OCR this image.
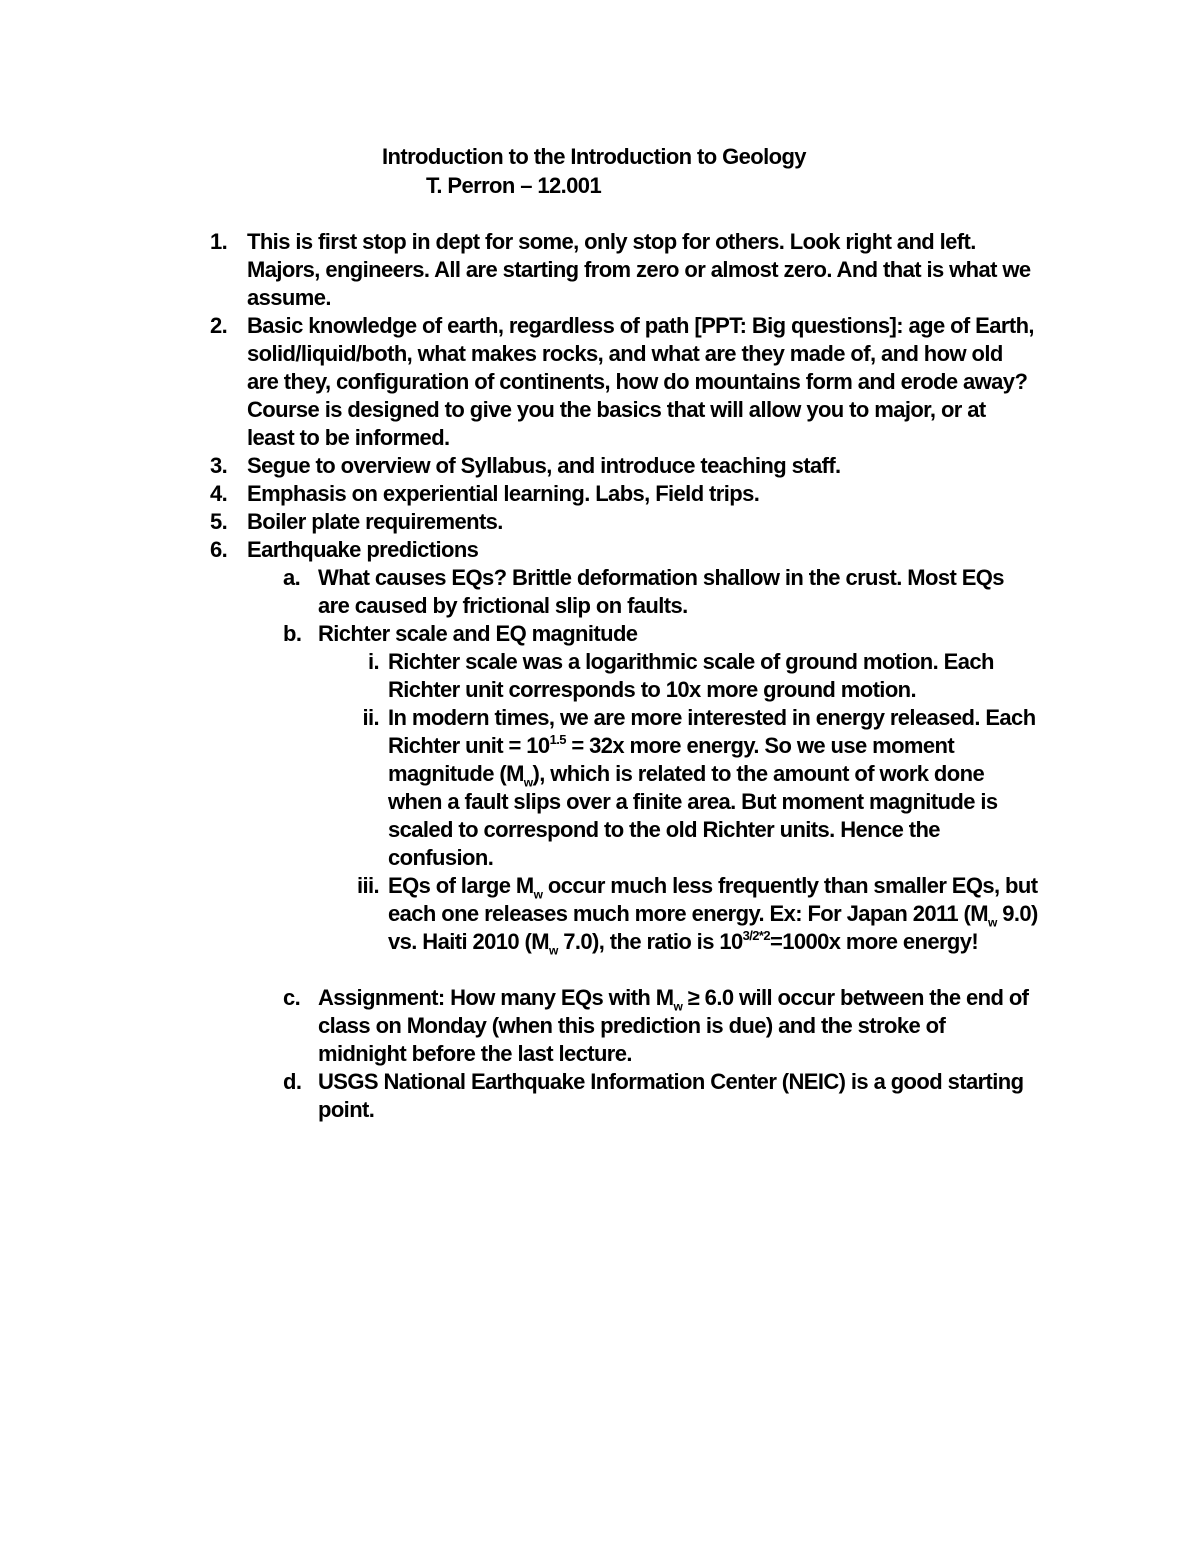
Introduction to the Introduction to Geology
T. Perron – 12.001
1. This is first stop in dept for some, only stop for others. Look right and left. Majors, engineers. All are starting from zero or almost zero. And that is what we assume.
2. Basic knowledge of earth, regardless of path [PPT: Big questions]: age of Earth, solid/liquid/both, what makes rocks, and what are they made of, and how old are they, configuration of continents, how do mountains form and erode away? Course is designed to give you the basics that will allow you to major, or at least to be informed.
3. Segue to overview of Syllabus, and introduce teaching staff.
4. Emphasis on experiential learning. Labs, Field trips.
5. Boiler plate requirements.
6. Earthquake predictions
a. What causes EQs? Brittle deformation shallow in the crust. Most EQs are caused by frictional slip on faults.
b. Richter scale and EQ magnitude
i. Richter scale was a logarithmic scale of ground motion. Each Richter unit corresponds to 10x more ground motion.
ii. In modern times, we are more interested in energy released. Each Richter unit = $10^{1.5} = 32x$ more energy. So we use moment magnitude $(M_w)$, which is related to the amount of work done when a fault slips over a finite area. But moment magnitude is scaled to correspond to the old Richter units. Hence the confusion.
iii. EQs of large $M_w$ occur much less frequently than smaller EQs, but each one releases much more energy. Ex: For Japan 2011 ($M_w$ 9.0) vs. Haiti 2010 ($M_w$ 7.0), the ratio is $10^{3/2*2}=1000x$ more energy!
c. Assignment: How many EQs with $M_w \ge 6.0$ will occur between the end of class on Monday (when this prediction is due) and the stroke of midnight before the last lecture.
d. USGS National Earthquake Information Center (NEIC) is a good starting point.
